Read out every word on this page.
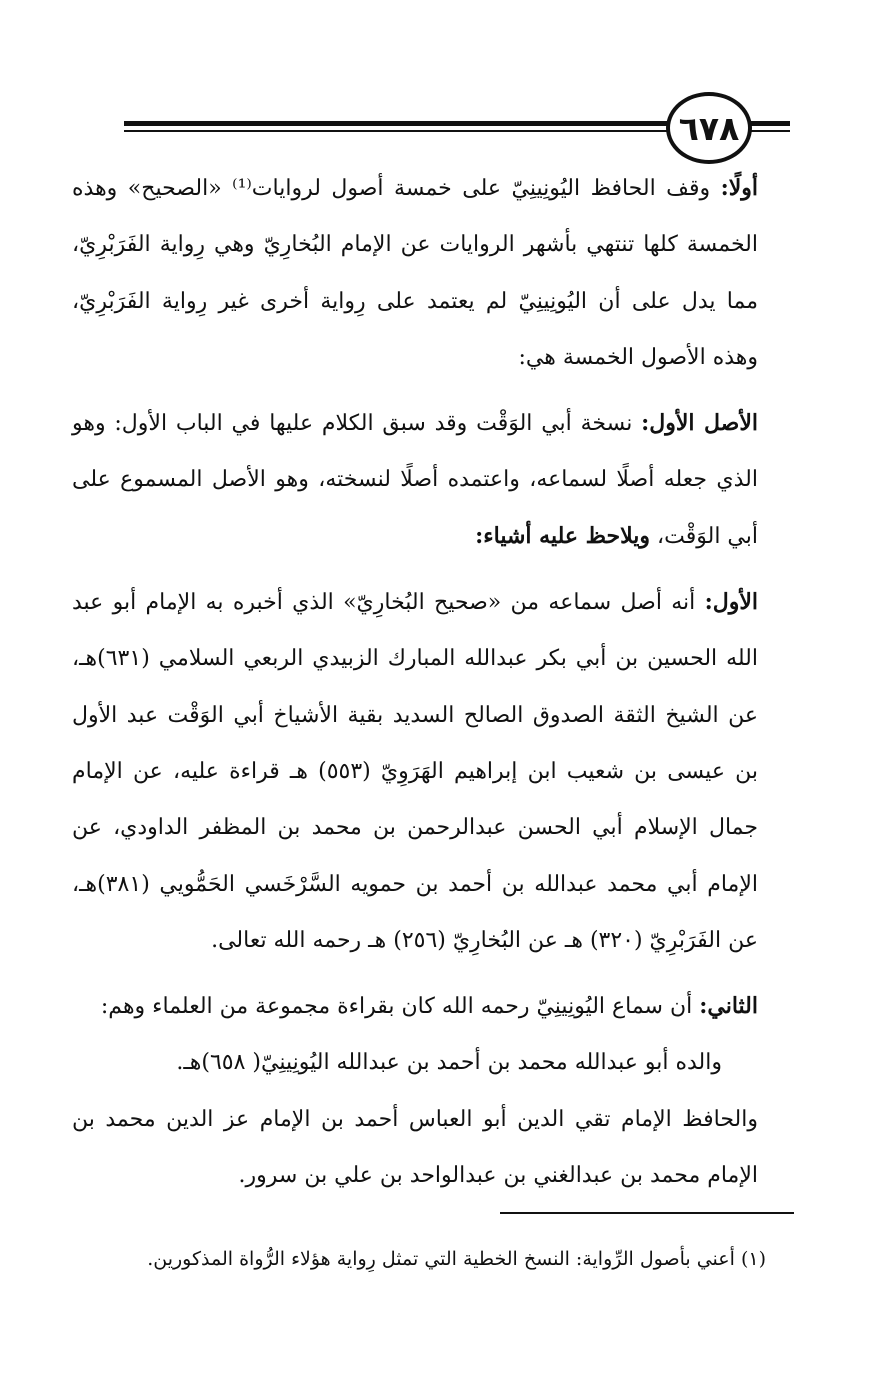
٦٧٨

أولًا: وقف الحافظ اليُونِينِيّ على خمسة أصول لروايات⁽¹⁾ «الصحيح» وهذه الخمسة كلها تنتهي بأشهر الروايات عن الإمام البُخارِيّ وهي رِواية الفَرَبْرِيّ، مما يدل على أن اليُونِينِيّ لم يعتمد على رِواية أخرى غير رِواية الفَرَبْرِيّ، وهذه الأصول الخمسة هي:

الأصل الأول: نسخة أبي الوَقْت وقد سبق الكلام عليها في الباب الأول: وهو الذي جعله أصلًا لسماعه، واعتمده أصلًا لنسخته، وهو الأصل المسموع على أبي الوَقْت، ويلاحظ عليه أشياء:

الأول: أنه أصل سماعه من «صحيح البُخارِيّ» الذي أخبره به الإمام أبو عبد الله الحسين بن أبي بكر عبدالله المبارك الزبيدي الربعي السلامي (٦٣١)هـ، عن الشيخ الثقة الصدوق الصالح السديد بقية الأشياخ أبي الوَقْت عبد الأول بن عيسى بن شعيب ابن إبراهيم الهَرَوِيّ (٥٥٣) هـ قراءة عليه، عن الإمام جمال الإسلام أبي الحسن عبدالرحمن بن محمد بن المظفر الداودي، عن الإمام أبي محمد عبدالله بن أحمد بن حمويه السَّرْخَسي الحَمُّويي (٣٨١)هـ، عن الفَرَبْرِيّ (٣٢٠) هـ عن البُخارِيّ (٢٥٦) هـ رحمه الله تعالى.

الثاني: أن سماع اليُونِينِيّ رحمه الله كان بقراءة مجموعة من العلماء وهم:

والده أبو عبدالله محمد بن أحمد بن عبدالله اليُونِينِيّ( ٦٥٨)هـ.

والحافظ الإمام تقي الدين أبو العباس أحمد بن الإمام عز الدين محمد بن الإمام محمد بن عبدالغني بن عبدالواحد بن علي بن سرور.

(١) أعني بأصول الرِّواية: النسخ الخطية التي تمثل رِواية هؤلاء الرُّواة المذكورين.
